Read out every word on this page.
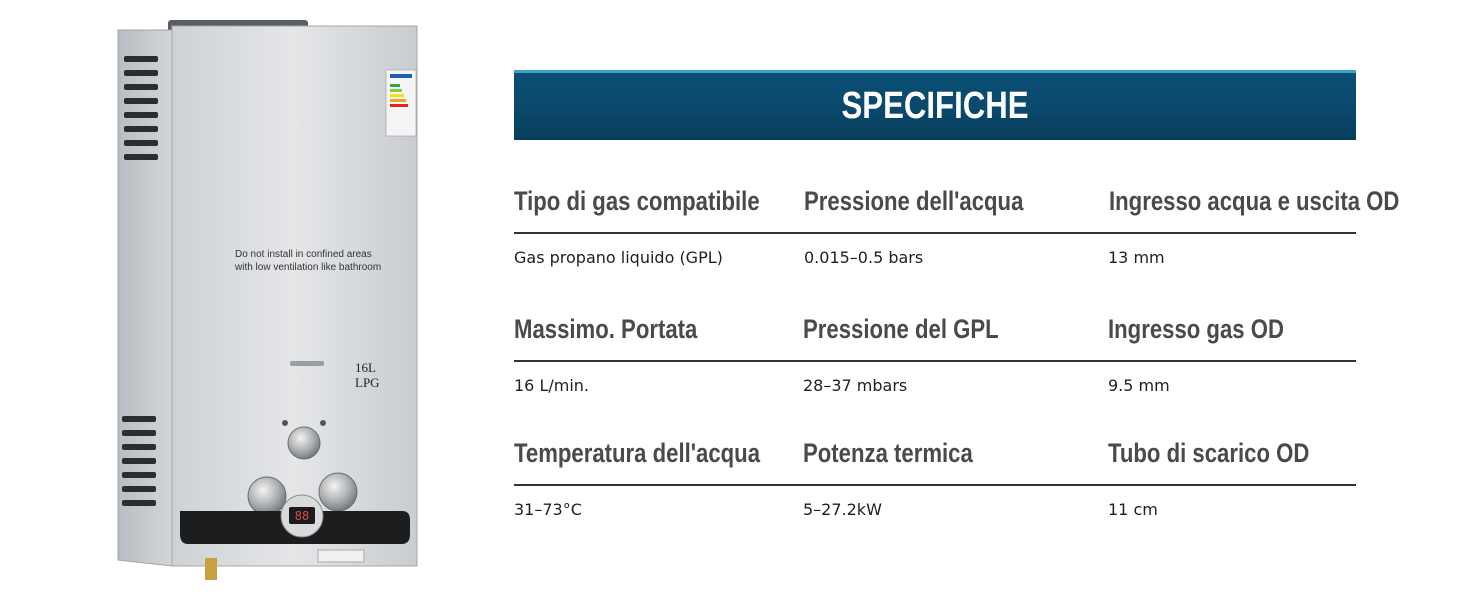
88
Do not install in confined areas with low ventilation like bathroom
16L
LPG
SPECIFICHE
Tipo di gas compatibile
Gas propano liquido (GPL)
Pressione dell'acqua
0.015–0.5 bars
Ingresso acqua e uscita OD
13 mm
Massimo. Portata
16 L/min.
Pressione del GPL
28–37 mbars
Ingresso gas OD
9.5 mm
Temperatura dell'acqua
31–73°C
Potenza termica
5–27.2kW
Tubo di scarico OD
11 cm
